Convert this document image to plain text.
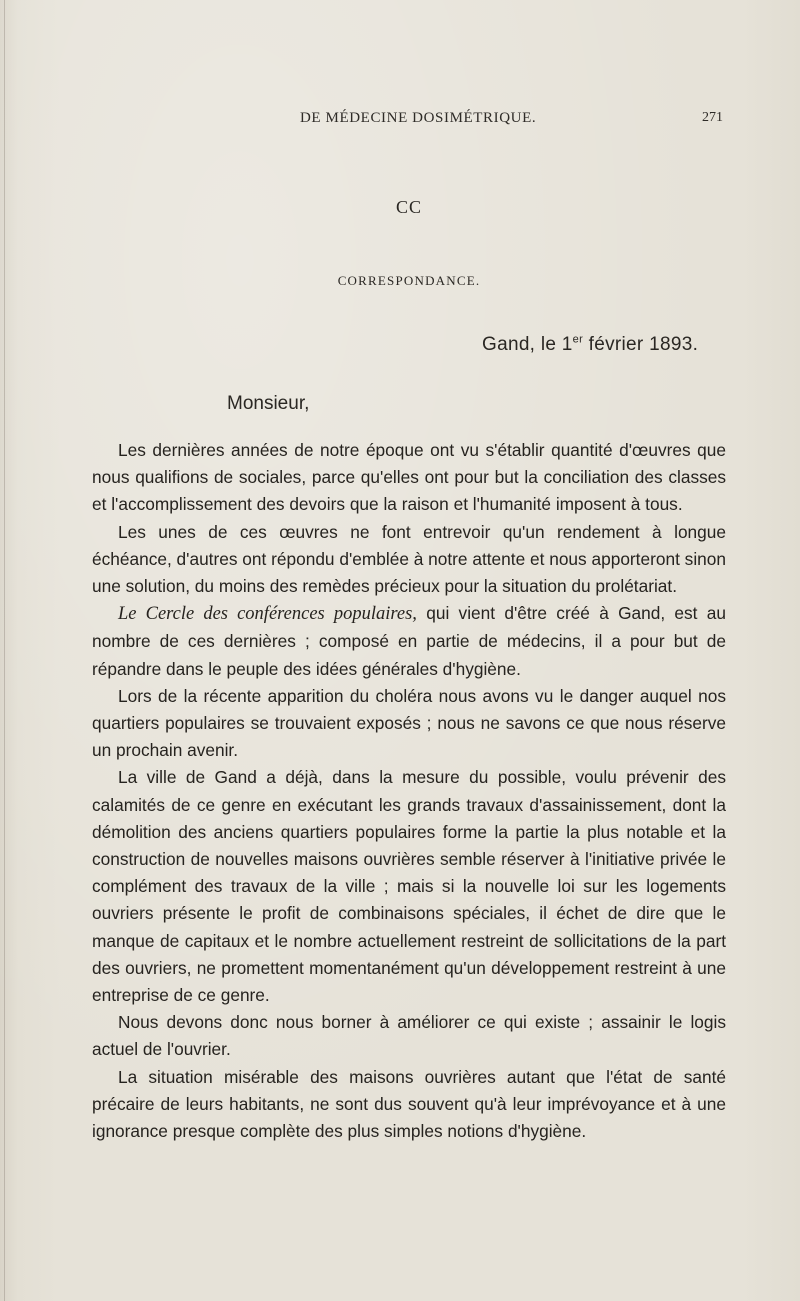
DE MÉDECINE DOSIMÉTRIQUE.	271
CC
CORRESPONDANCE.
Gand, le 1er février 1893.
Monsieur,

Les dernières années de notre époque ont vu s'établir quantité d'œuvres que nous qualifions de sociales, parce qu'elles ont pour but la conciliation des classes et l'accomplissement des devoirs que la raison et l'humanité imposent à tous.

Les unes de ces œuvres ne font entrevoir qu'un rendement à longue échéance, d'autres ont répondu d'emblée à notre attente et nous apporteront sinon une solution, du moins des remèdes précieux pour la situation du prolétariat.

Le Cercle des conférences populaires, qui vient d'être créé à Gand, est au nombre de ces dernières ; composé en partie de médecins, il a pour but de répandre dans le peuple des idées générales d'hygiène.

Lors de la récente apparition du choléra nous avons vu le danger auquel nos quartiers populaires se trouvaient exposés ; nous ne savons ce que nous réserve un prochain avenir.

La ville de Gand a déjà, dans la mesure du possible, voulu prévenir des calamités de ce genre en exécutant les grands travaux d'assainissement, dont la démolition des anciens quartiers populaires forme la partie la plus notable et la construction de nouvelles maisons ouvrières semble réserver à l'initiative privée le complément des travaux de la ville ; mais si la nouvelle loi sur les logements ouvriers présente le profit de combinaisons spéciales, il échet de dire que le manque de capitaux et le nombre actuellement restreint de sollicitations de la part des ouvriers, ne promettent momentanément qu'un développement restreint à une entreprise de ce genre.

Nous devons donc nous borner à améliorer ce qui existe ; assainir le logis actuel de l'ouvrier.

La situation misérable des maisons ouvrières autant que l'état de santé précaire de leurs habitants, ne sont dus souvent qu'à leur imprévoyance et à une ignorance presque complète des plus simples notions d'hygiène.
